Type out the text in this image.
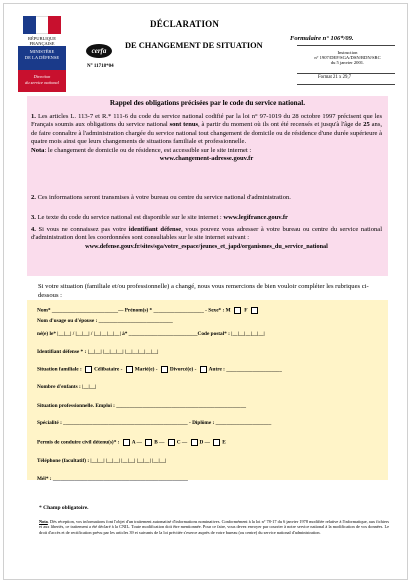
RÉPUBLIQUE FRANÇAISE
MINISTÈRE
DE LA DÉFENSE
Direction
du service national
cerfa
N° 11718*04
DÉCLARATION
DE CHANGEMENT DE SITUATION
Formulaire n° 106*/09.
Instruction
n° 1907/DEF/SGA/DSN/RDN/SRC
du 5 janvier 2001.
Format 21 x 29,7
Rappel des obligations précisées par le code du service national.
1. Les articles L. 113-7 et R.* 111-6 du code du service national codifié par la loi n° 97-1019 du 28 octobre 1997 précisent que les Français soumis aux obligations du service national sont tenus, à partir du moment où ils ont été recensés et jusqu'à l'âge de 25 ans, de faire connaître à l'administration chargée du service national tout changement de domicile ou de résidence d'une durée supérieure à quatre mois ainsi que leurs changements de situations familiale et professionnelle.
Nota: le changement de domicile ou de résidence, est accessible sur le site internet :
www.changement-adresse.gouv.fr
2. Ces informations seront transmises à votre bureau ou centre du service national d'administration.
3. Le texte du code du service national est disponible sur le site internet : www.legifrance.gouv.fr
4. Si vous ne connaissez pas votre identifiant défense, vous pouvez vous adresser à votre bureau ou centre du service national d'administration dont les coordonnées sont consultables sur le site internet suivant :
www.defense.gouv.fr/sites/sga/votre_espace/jeunes_et_japd/organismes_du_service_national
Si votre situation (familiale et/ou professionnelle) a changé, nous vous remercions de bien vouloir compléter les rubriques ci-dessous :
Nom* _________________________— Prénom(s) * ___________________ - Sexe* : M	F
Nom d'usage ou d'épouse : ____________________________
né(e) le* |__|__| / |__|__| / |__|__|__|__| à* __________________________Code postal* : |__|__|__|__|__|
Identifiant défense * : |__|__| |__|__|__| |__|__|__|__|__|
Situation familiale : Célibataire - Marié(e) - Divorcé(e) - Autre : _____________________
Nombre d'enfants : |__|__|
Situation professionnelle. Emploi : _________________________________________________
Spécialité : _______________________________________________ - Diplôme : _____________________
Permis de conduire civil détenu(s)* : A — B — C — D — E
Téléphone (facultatif) : |__|__| |__|__| |__|__| |__|__| |__|__|
Mél* : ___________________________________________________
* Champ obligatoire.
Nota. Dès réception, vos informations font l'objet d'un traitement automatisé d'informations nominatives. Conformément à la loi n° 78-17 du 6 janvier 1978 modifiée relative à l'informatique, aux fichiers et aux libertés, ce traitement a été déclaré à la CNIL. Toute modification doit être mentionnée. Pour ce faire, vous devez envoyer par courrier à notre service national à la modification de vos données. Le droit d'accès et de rectification prévu par les articles 39 et suivants de la loi précitée s'exerce auprès de votre bureau (ou centre) du service national d'administration.
